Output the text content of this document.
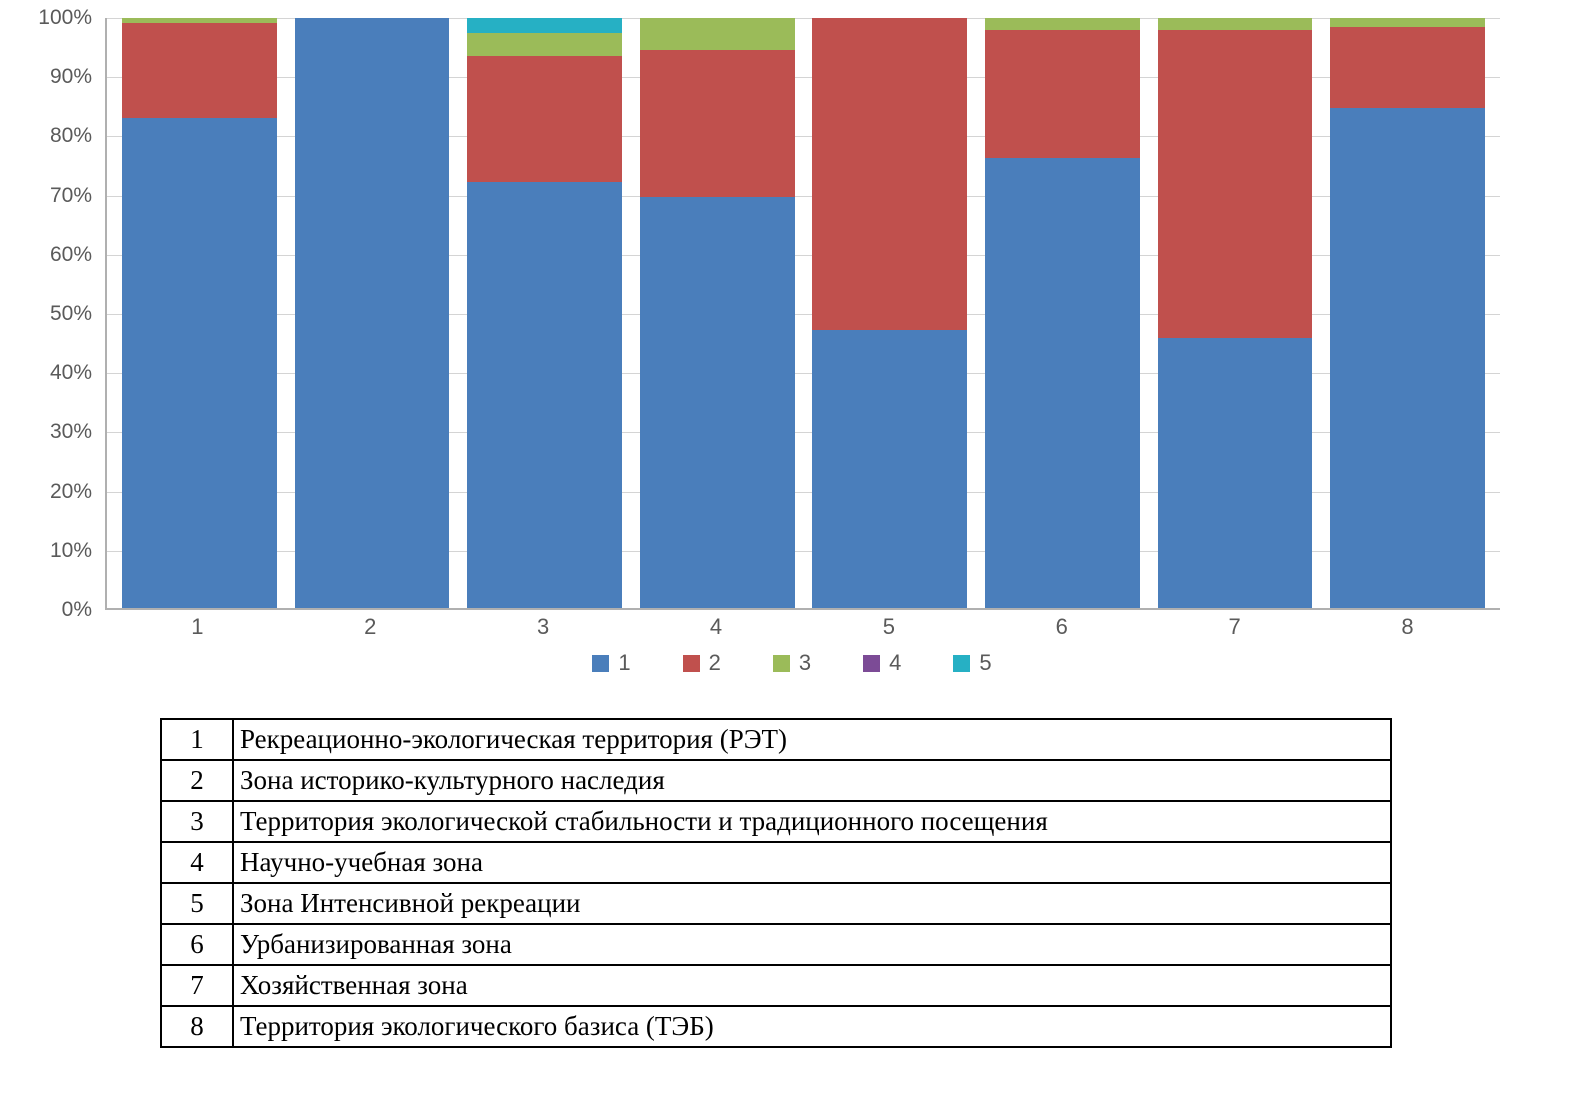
0%
10%
20%
30%
40%
50%
60%
70%
80%
90%
100%
1	2	3	4	5	6	7	8
1	2	3	4	5
1	Рекреационно-экологическая территория (РЭТ)
2	Зона историко-культурного наследия
3	Территория экологической стабильности и традиционного посещения
4	Научно-учебная зона
5	Зона Интенсивной рекреации
6	Урбанизированная зона
7	Хозяйственная зона
8	Территория экологического базиса (ТЭБ)
